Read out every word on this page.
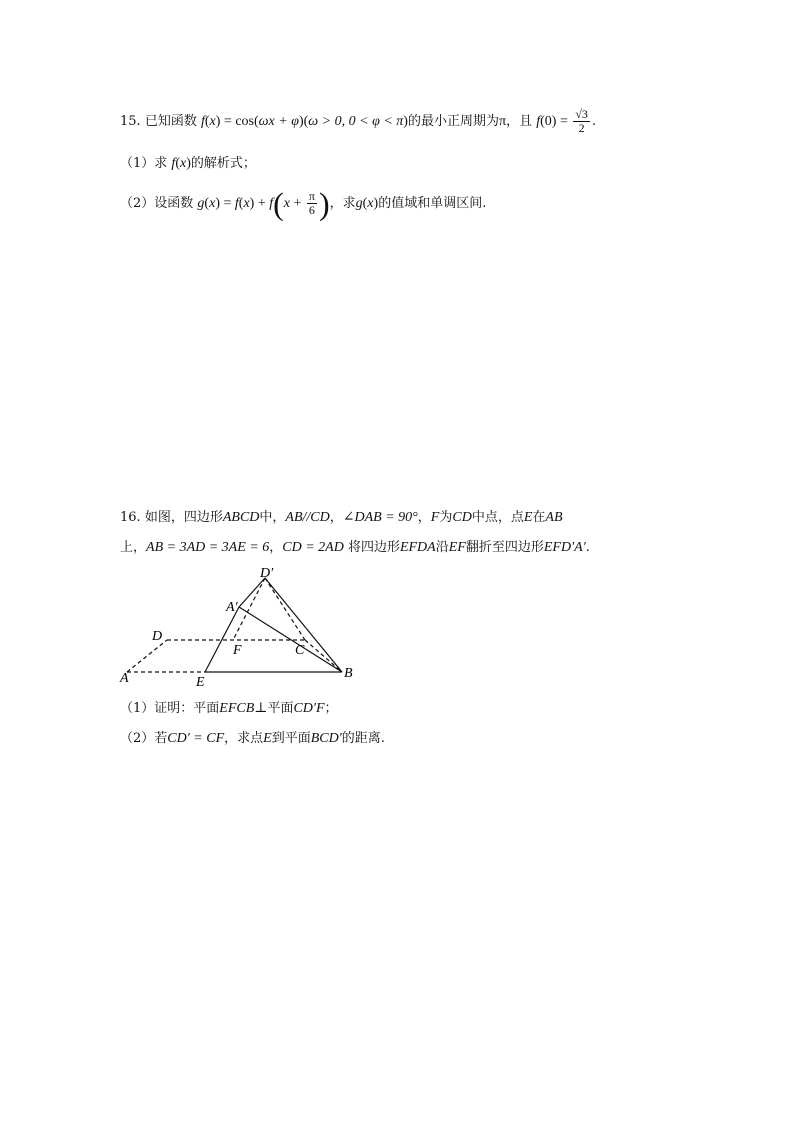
15. 已知函数 f(x) = cos(ωx + φ)(ω > 0, 0 < φ < π)的最小正周期为π，且 $f(0) = \frac{√3}{2}$ .
（1）求 f(x)的解析式；
（2）设函数 $g(x) = f(x) + f(x + \frac{\pi}{6}$ )，求g(x)的值域和单调区间.
16. 如图，四边形ABCD中，AB//CD，∠DAB = 90°，F为CD中点，点E在AB
上，AB = 3AD = 3AE = 6，CD = 2AD 将四边形EFDA沿EF翻折至四边形EFD′A′.
D′
A′
D
F	C
A	E
B
（1）证明：平面EFCB⊥平面CD′F；
（2）若CD′ = CF，求点E到平面BCD′的距离.
